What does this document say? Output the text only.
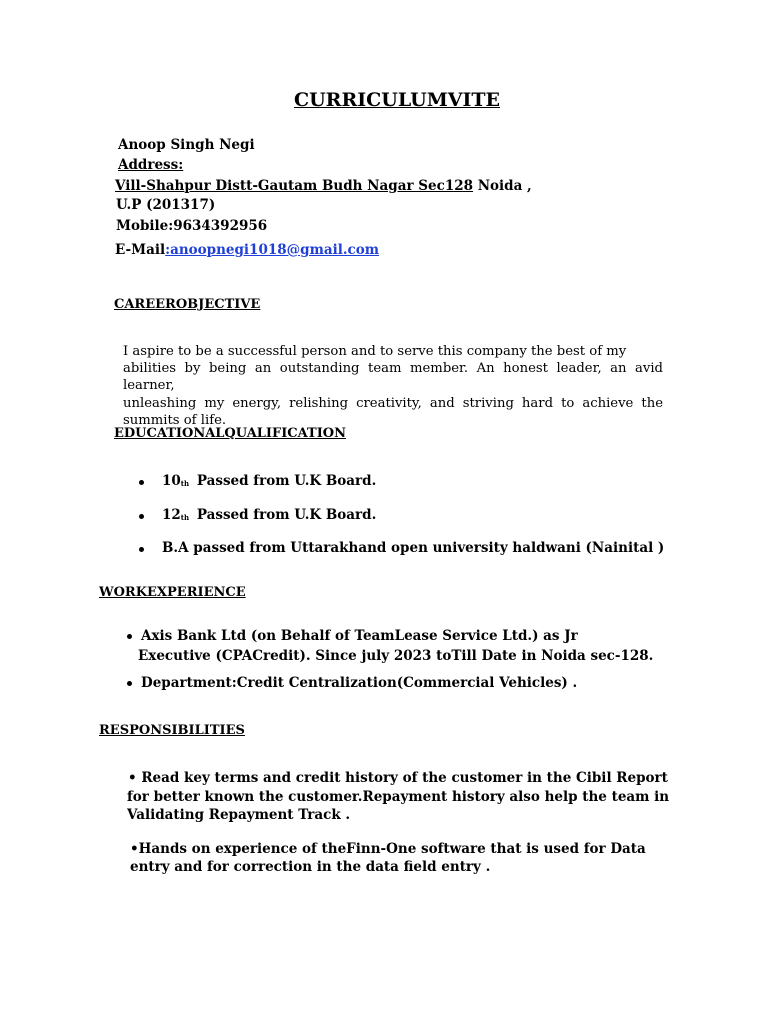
CURRICULUMVITE
Anoop Singh Negi
Address:
Vill-Shahpur Distt-Gautam Budh Nagar Sec128 Noida ,
U.P (201317)
Mobile:9634392956
E-Mail:anoopnegi1018@gmail.com
CAREEROBJECTIVE
I aspire to be a successful person and to serve this company the best of my
abilities by being an outstanding team member. An honest leader, an avid learner,
unleashing my energy, relishing creativity, and striving hard to achieve the
summits of life.
EDUCATIONALQUALIFICATION
10th Passed from U.K Board.
12th Passed from U.K Board.
B.A passed from Uttarakhand open university haldwani (Nainital )
WORKEXPERIENCE
Axis Bank Ltd (on Behalf of TeamLease Service Ltd.) as Jr
Executive (CPACredit). Since july 2023 toTill Date in Noida sec-128.
Department:Credit Centralization(Commercial Vehicles) .
RESPONSIBILITIES
• Read key terms and credit history of the customer in the Cibil Report
for better known the customer.Repayment history also help the team in
Validating Repayment Track .
•Hands on experience of theFinn-One software that is used for Data
entry and for correction in the data field entry .
